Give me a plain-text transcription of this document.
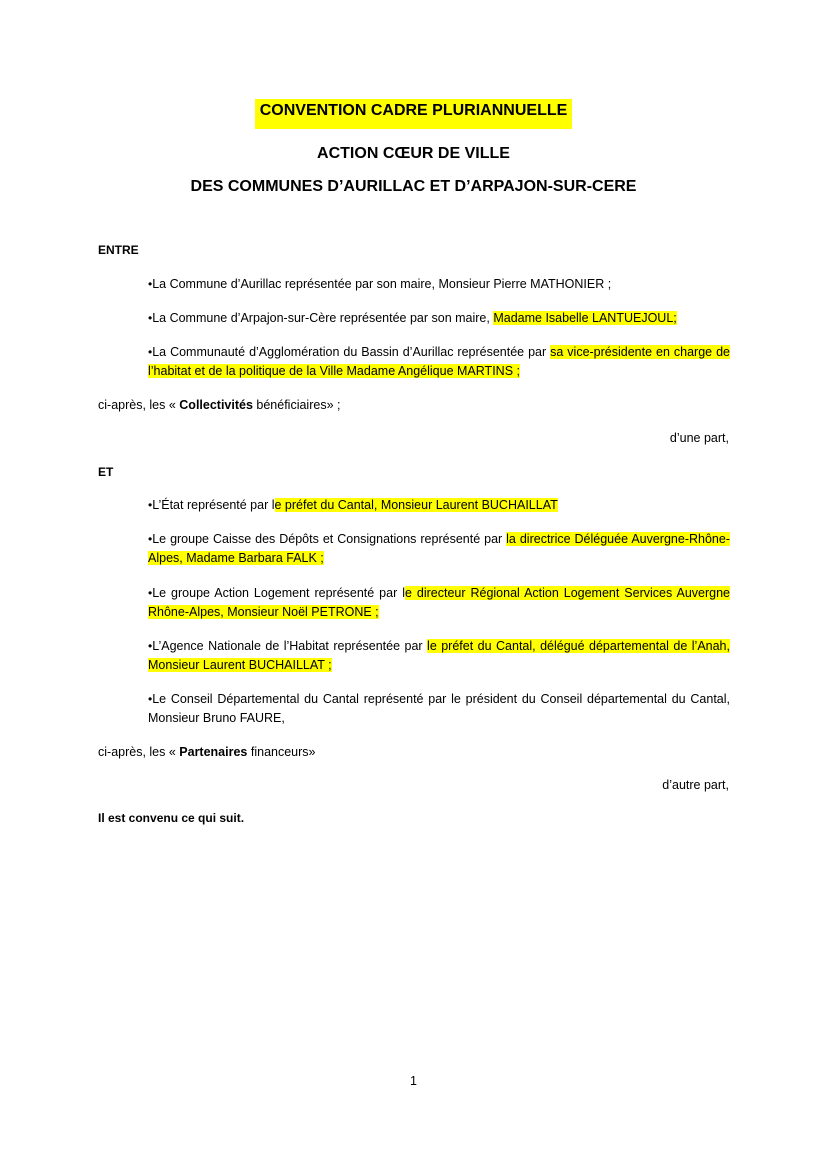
CONVENTION CADRE PLURIANNUELLE
ACTION CŒUR DE VILLE
DES COMMUNES D’AURILLAC ET D’ARPAJON-SUR-CERE
ENTRE
•La Commune d’Aurillac représentée par son maire, Monsieur Pierre MATHONIER ;
•La Commune d’Arpajon-sur-Cère représentée par son maire, Madame Isabelle LANTUEJOUL;
•La Communauté d’Agglomération du Bassin d’Aurillac représentée par sa vice-présidente en charge de l’habitat et de la politique de la Ville Madame Angélique MARTINS ;
ci-après, les « Collectivités bénéficiaires» ;
d’une part,
ET
•L’État représenté par le préfet du Cantal, Monsieur Laurent BUCHAILLAT
•Le groupe Caisse des Dépôts et Consignations représenté par la directrice Déléguée Auvergne-Rhône-Alpes, Madame Barbara FALK ;
•Le groupe Action Logement représenté par le directeur Régional Action Logement Services Auvergne Rhône-Alpes, Monsieur Noël PETRONE ;
•L’Agence Nationale de l’Habitat représentée par le préfet du Cantal, délégué départemental de l’Anah, Monsieur Laurent BUCHAILLAT ;
•Le Conseil Départemental du Cantal représenté par le président du Conseil départemental du Cantal, Monsieur Bruno FAURE,
ci-après, les « Partenaires financeurs»
d’autre part,
Il est convenu ce qui suit.
1
